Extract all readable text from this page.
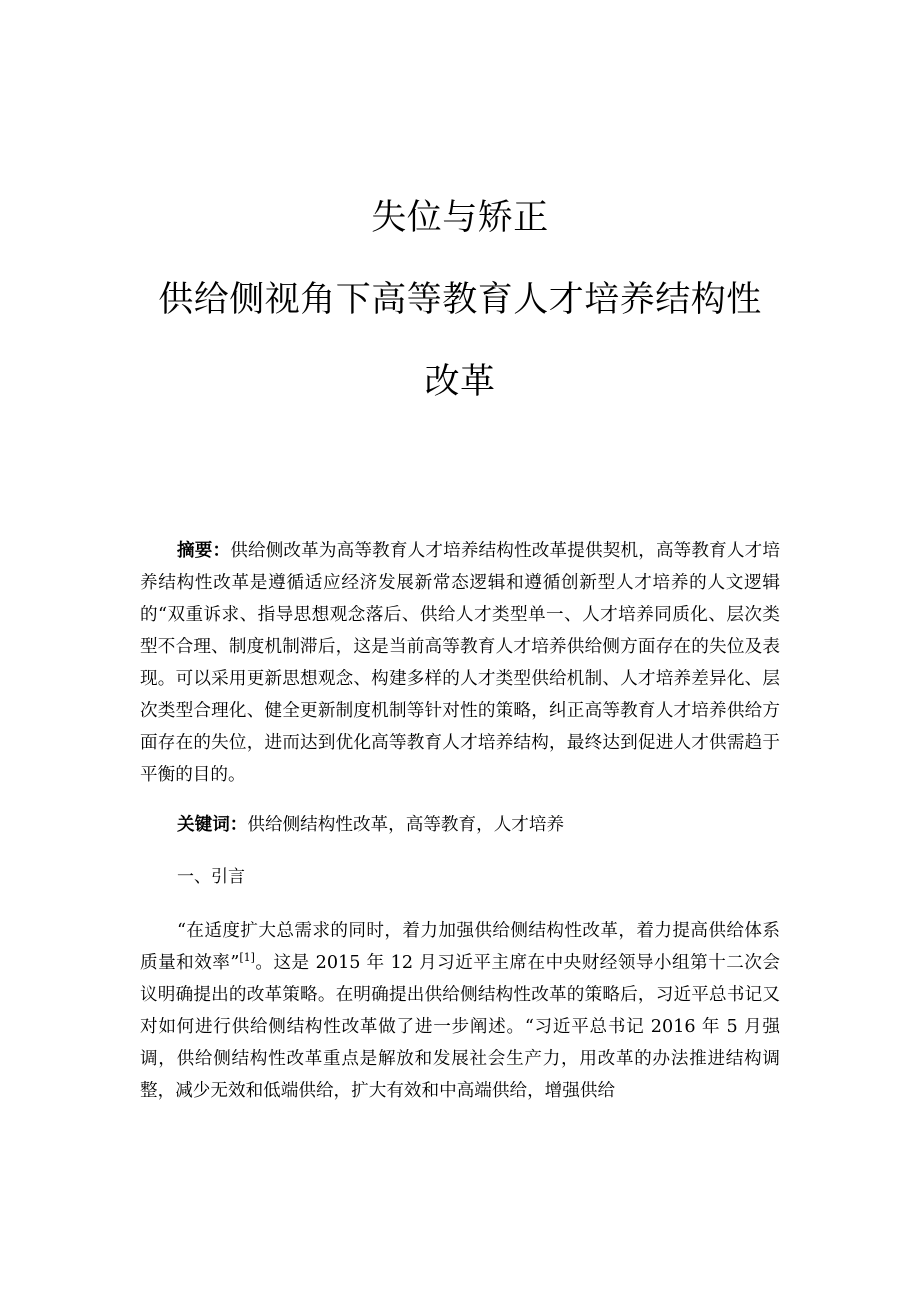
失位与矫正
供给侧视角下高等教育人才培养结构性
改革

摘要：供给侧改革为高等教育人才培养结构性改革提供契机，高等教育人才培养结构性改革是遵循适应经济发展新常态逻辑和遵循创新型人才培养的人文逻辑的“双重诉求、指导思想观念落后、供给人才类型单一、人才培养同质化、层次类型不合理、制度机制滞后，这是当前高等教育人才培养供给侧方面存在的失位及表现。可以采用更新思想观念、构建多样的人才类型供给机制、人才培养差异化、层次类型合理化、健全更新制度机制等针对性的策略，纠正高等教育人才培养供给方面存在的失位，进而达到优化高等教育人才培养结构，最终达到促进人才供需趋于平衡的目的。

关键词：供给侧结构性改革，高等教育，人才培养

一、引言

“在适度扩大总需求的同时，着力加强供给侧结构性改革，着力提高供给体系质量和效率”[1]。这是 2015 年 12 月习近平主席在中央财经领导小组第十二次会议明确提出的改革策略。在明确提出供给侧结构性改革的策略后，习近平总书记又对如何进行供给侧结构性改革做了进一步阐述。“习近平总书记 2016 年 5 月强调，供给侧结构性改革重点是解放和发展社会生产力，用改革的办法推进结构调整，减少无效和低端供给，扩大有效和中高端供给，增强供给
